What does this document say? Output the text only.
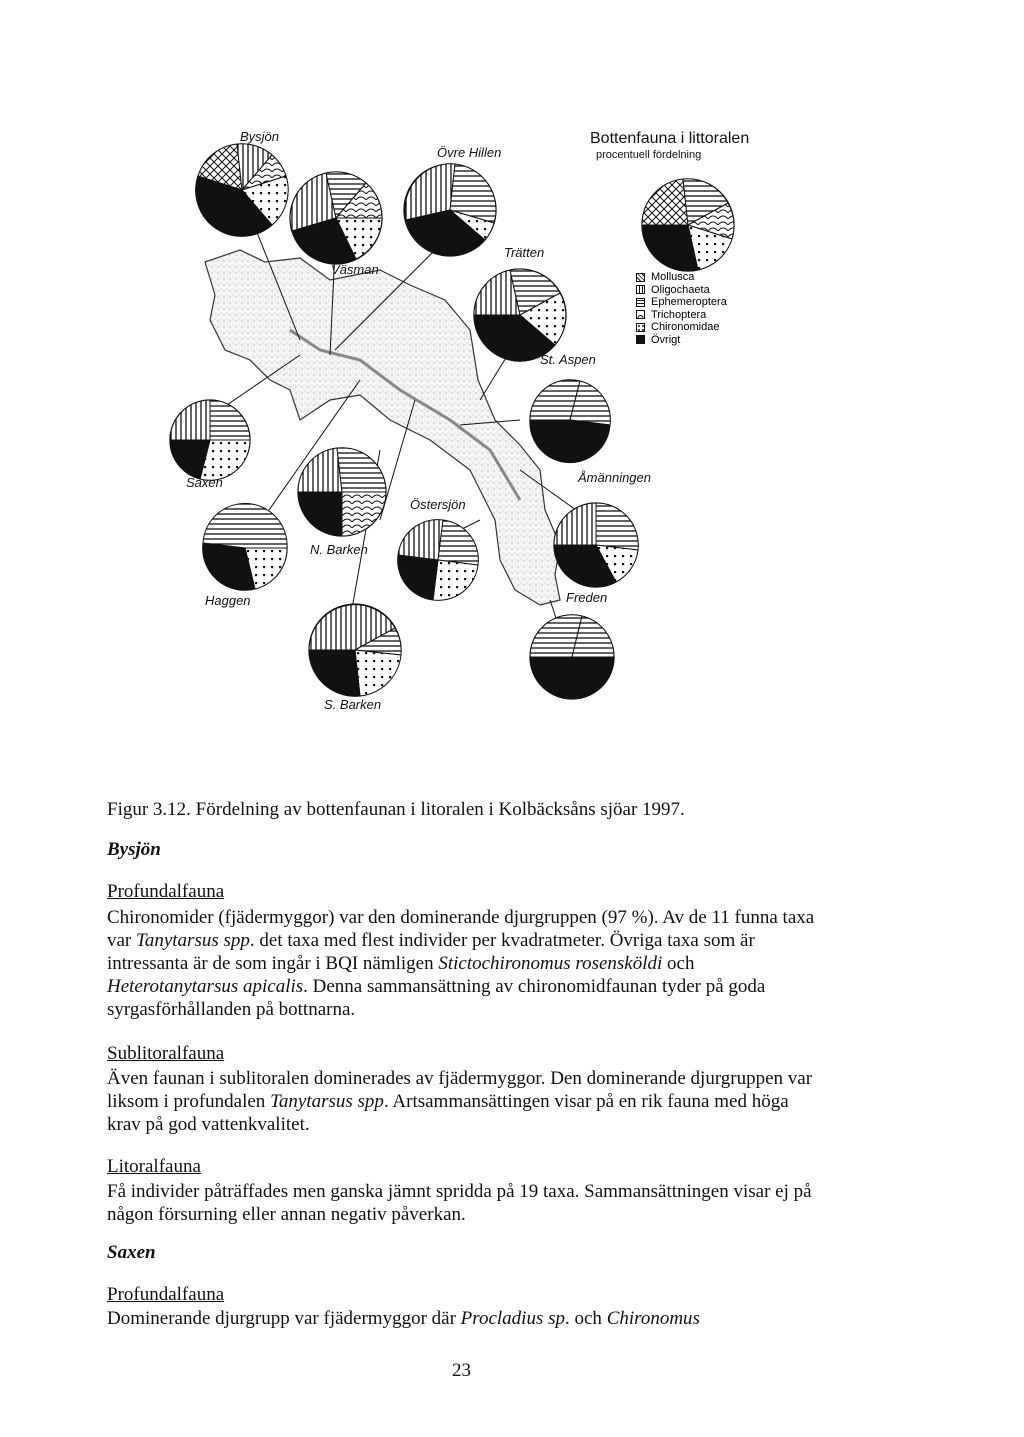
Bysjön
Övre Hillen
Väsman
Trätten
St. Aspen
Saxen	Åmänningen
Östersjön
N. Barken
Haggen	Freden
S. Barken
Bottenfauna i littoralen
procentuell fördelning
Mollusca
Oligochaeta
Ephemeroptera
Trichoptera
Chironomidae
Övrigt
Figur 3.12. Fördelning av bottenfaunan i litoralen i Kolbäcksåns sjöar 1997.
Bysjön
Profundalfauna
Chironomider (fjädermyggor) var den dominerande djurgruppen (97 %). Av de 11 funna taxa var Tanytarsus spp. det taxa med flest individer per kvadratmeter. Övriga taxa som är intressanta är de som ingår i BQI nämligen Stictochironomus rosensköldi och Heterotanytarsus apicalis. Denna sammansättning av chironomidfaunan tyder på goda syrgasförhållanden på bottnarna.
Sublitoralfauna
Även faunan i sublitoralen dominerades av fjädermyggor. Den dominerande djurgruppen var liksom i profundalen Tanytarsus spp. Artsammansättingen visar på en rik fauna med höga krav på god vattenkvalitet.
Litoralfauna
Få individer påträffades men ganska jämnt spridda på 19 taxa. Sammansättningen visar ej på någon försurning eller annan negativ påverkan.
Saxen
Profundalfauna
Dominerande djurgrupp var fjädermyggor där Procladius sp. och Chironomus
23
